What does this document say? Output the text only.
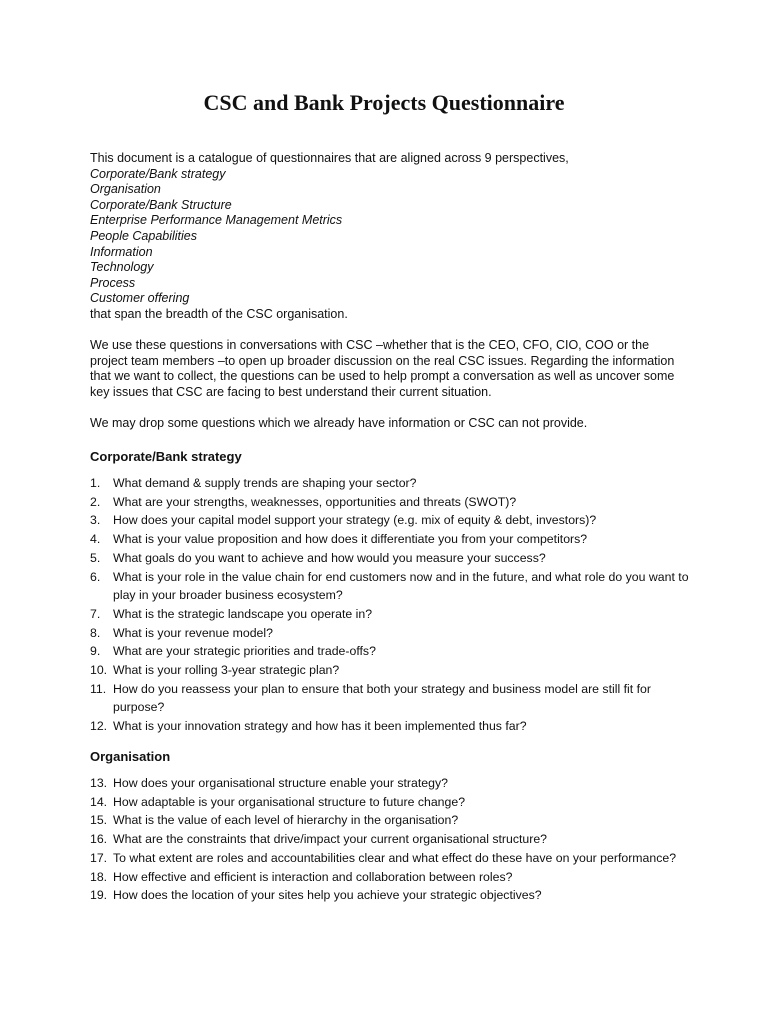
CSC and Bank Projects Questionnaire

This document is a catalogue of questionnaires that are aligned across 9 perspectives,

Corporate/Bank strategy
Organisation
Corporate/Bank Structure
Enterprise Performance Management Metrics
People Capabilities
Information
Technology
Process
Customer offering

that span the breadth of the CSC organisation.

We use these questions in conversations with CSC –whether that is the CEO, CFO, CIO, COO or the project team members –to open up broader discussion on the real CSC issues. Regarding the information that we want to collect, the questions can be used to help prompt a conversation as well as uncover some key issues that CSC are facing to best understand their current situation.

We may drop some questions which we already have information or CSC can not provide.

Corporate/Bank strategy
1. What demand & supply trends are shaping your sector?
2. What are your strengths, weaknesses, opportunities and threats (SWOT)?
3. How does your capital model support your strategy (e.g. mix of equity & debt, investors)?
4. What is your value proposition and how does it differentiate you from your competitors?
5. What goals do you want to achieve and how would you measure your success?
6. What is your role in the value chain for end customers now and in the future, and what role do you want to play in your broader business ecosystem?
7. What is the strategic landscape you operate in?
8. What is your revenue model?
9. What are your strategic priorities and trade-offs?
10. What is your rolling 3-year strategic plan?
11. How do you reassess your plan to ensure that both your strategy and business model are still fit for purpose?
12. What is your innovation strategy and how has it been implemented thus far?
Organisation
13. How does your organisational structure enable your strategy?
14. How adaptable is your organisational structure to future change?
15. What is the value of each level of hierarchy in the organisation?
16. What are the constraints that drive/impact your current organisational structure?
17. To what extent are roles and accountabilities clear and what effect do these have on your performance?
18. How effective and efficient is interaction and collaboration between roles?
19. How does the location of your sites help you achieve your strategic objectives?
